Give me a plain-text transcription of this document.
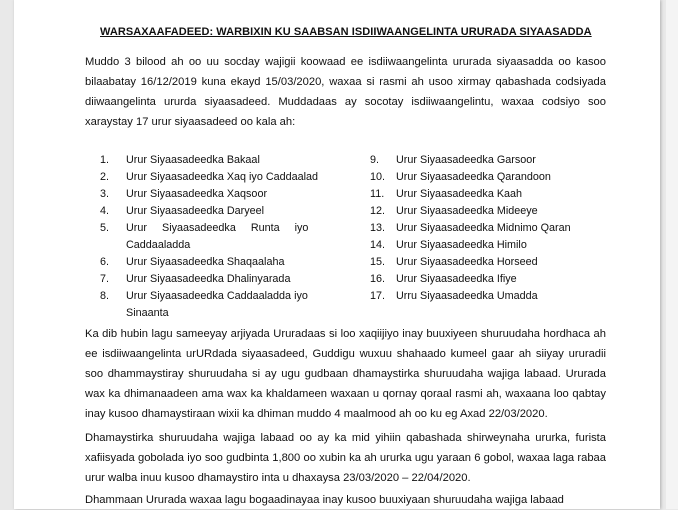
WARSAXAAFADEED: WARBIXIN KU SAABSAN ISDIIWAANGELINTA URURADA SIYAASADDA
Muddo 3 bilood ah oo uu socday wajigii koowaad ee isdiiwaangelinta ururada siyaasadda oo kasoo bilaabatay 16/12/2019 kuna ekayd 15/03/2020, waxaa si rasmi ah usoo xirmay qabashada codsiyada diiwaangelinta ururda siyaasadeed. Muddadaas ay socotay isdiiwaangelintu, waxaa codsiyo soo xaraystay 17 urur siyaasadeed oo kala ah:
1.	Urur Siyaasadeedka Bakaal
2.	Urur Siyaasadeedka Xaq iyo Caddaalad
3.	Urur Siyaasadeedka Xaqsoor
4.	Urur Siyaasadeedka Daryeel
5.	Urur Siyaasadeedka Runta iyo Caddaaladda
6.	Urur Siyaasadeedka Shaqaalaha
7.	Urur Siyaasadeedka Dhalinyarada
8.	Urur Siyaasadeedka Caddaaladda iyo Sinaanta
9.	Urur Siyaasadeedka Garsoor
10.	Urur Siyaasadeedka Qarandoon
11.	Urur Siyaasadeedka Kaah
12.	Urur Siyaasadeedka Mideeye
13.	Urur Siyaasadeedka Midnimo Qaran
14.	Urur Siyaasadeedka Himilo
15.	Urur Siyaasadeedka Horseed
16.	Urur Siyaasadeedka Ifiye
17.	Urru Siyaasadeedka Umadda
Ka dib hubin lagu sameeyay arjiyada Ururadaas si loo xaqiijiyo inay buuxiyeen shuruudaha hordhaca ah ee isdiiwaangelinta urURdada siyaasadeed, Guddigu wuxuu shahaado kumeel gaar ah siiyay ururadii soo dhammaystiray shuruudaha si ay ugu gudbaan dhamaystirka shuruudaha wajiga labaad. Ururada wax ka dhimanaadeen ama wax ka khaldameen waxaan u qornay qoraal rasmi ah, waxaana loo qabtay inay kusoo dhamaystiraan wixii ka dhiman muddo 4 maalmood ah oo ku eg Axad 22/03/2020.
Dhamaystirka shuruudaha wajiga labaad oo ay ka mid yihiin qabashada shirweynaha ururka, furista xafiisyada gobolada iyo soo gudbinta 1,800 oo xubin ka ah ururka ugu yaraan 6 gobol, waxaa laga rabaa urur walba inuu kusoo dhamaystiro inta u dhaxaysa 23/03/2020 – 22/04/2020.
Dhammaan Ururada waxaa lagu bogaadinayaa inay kusoo buuxiyaan shuruudaha wajiga labaad
